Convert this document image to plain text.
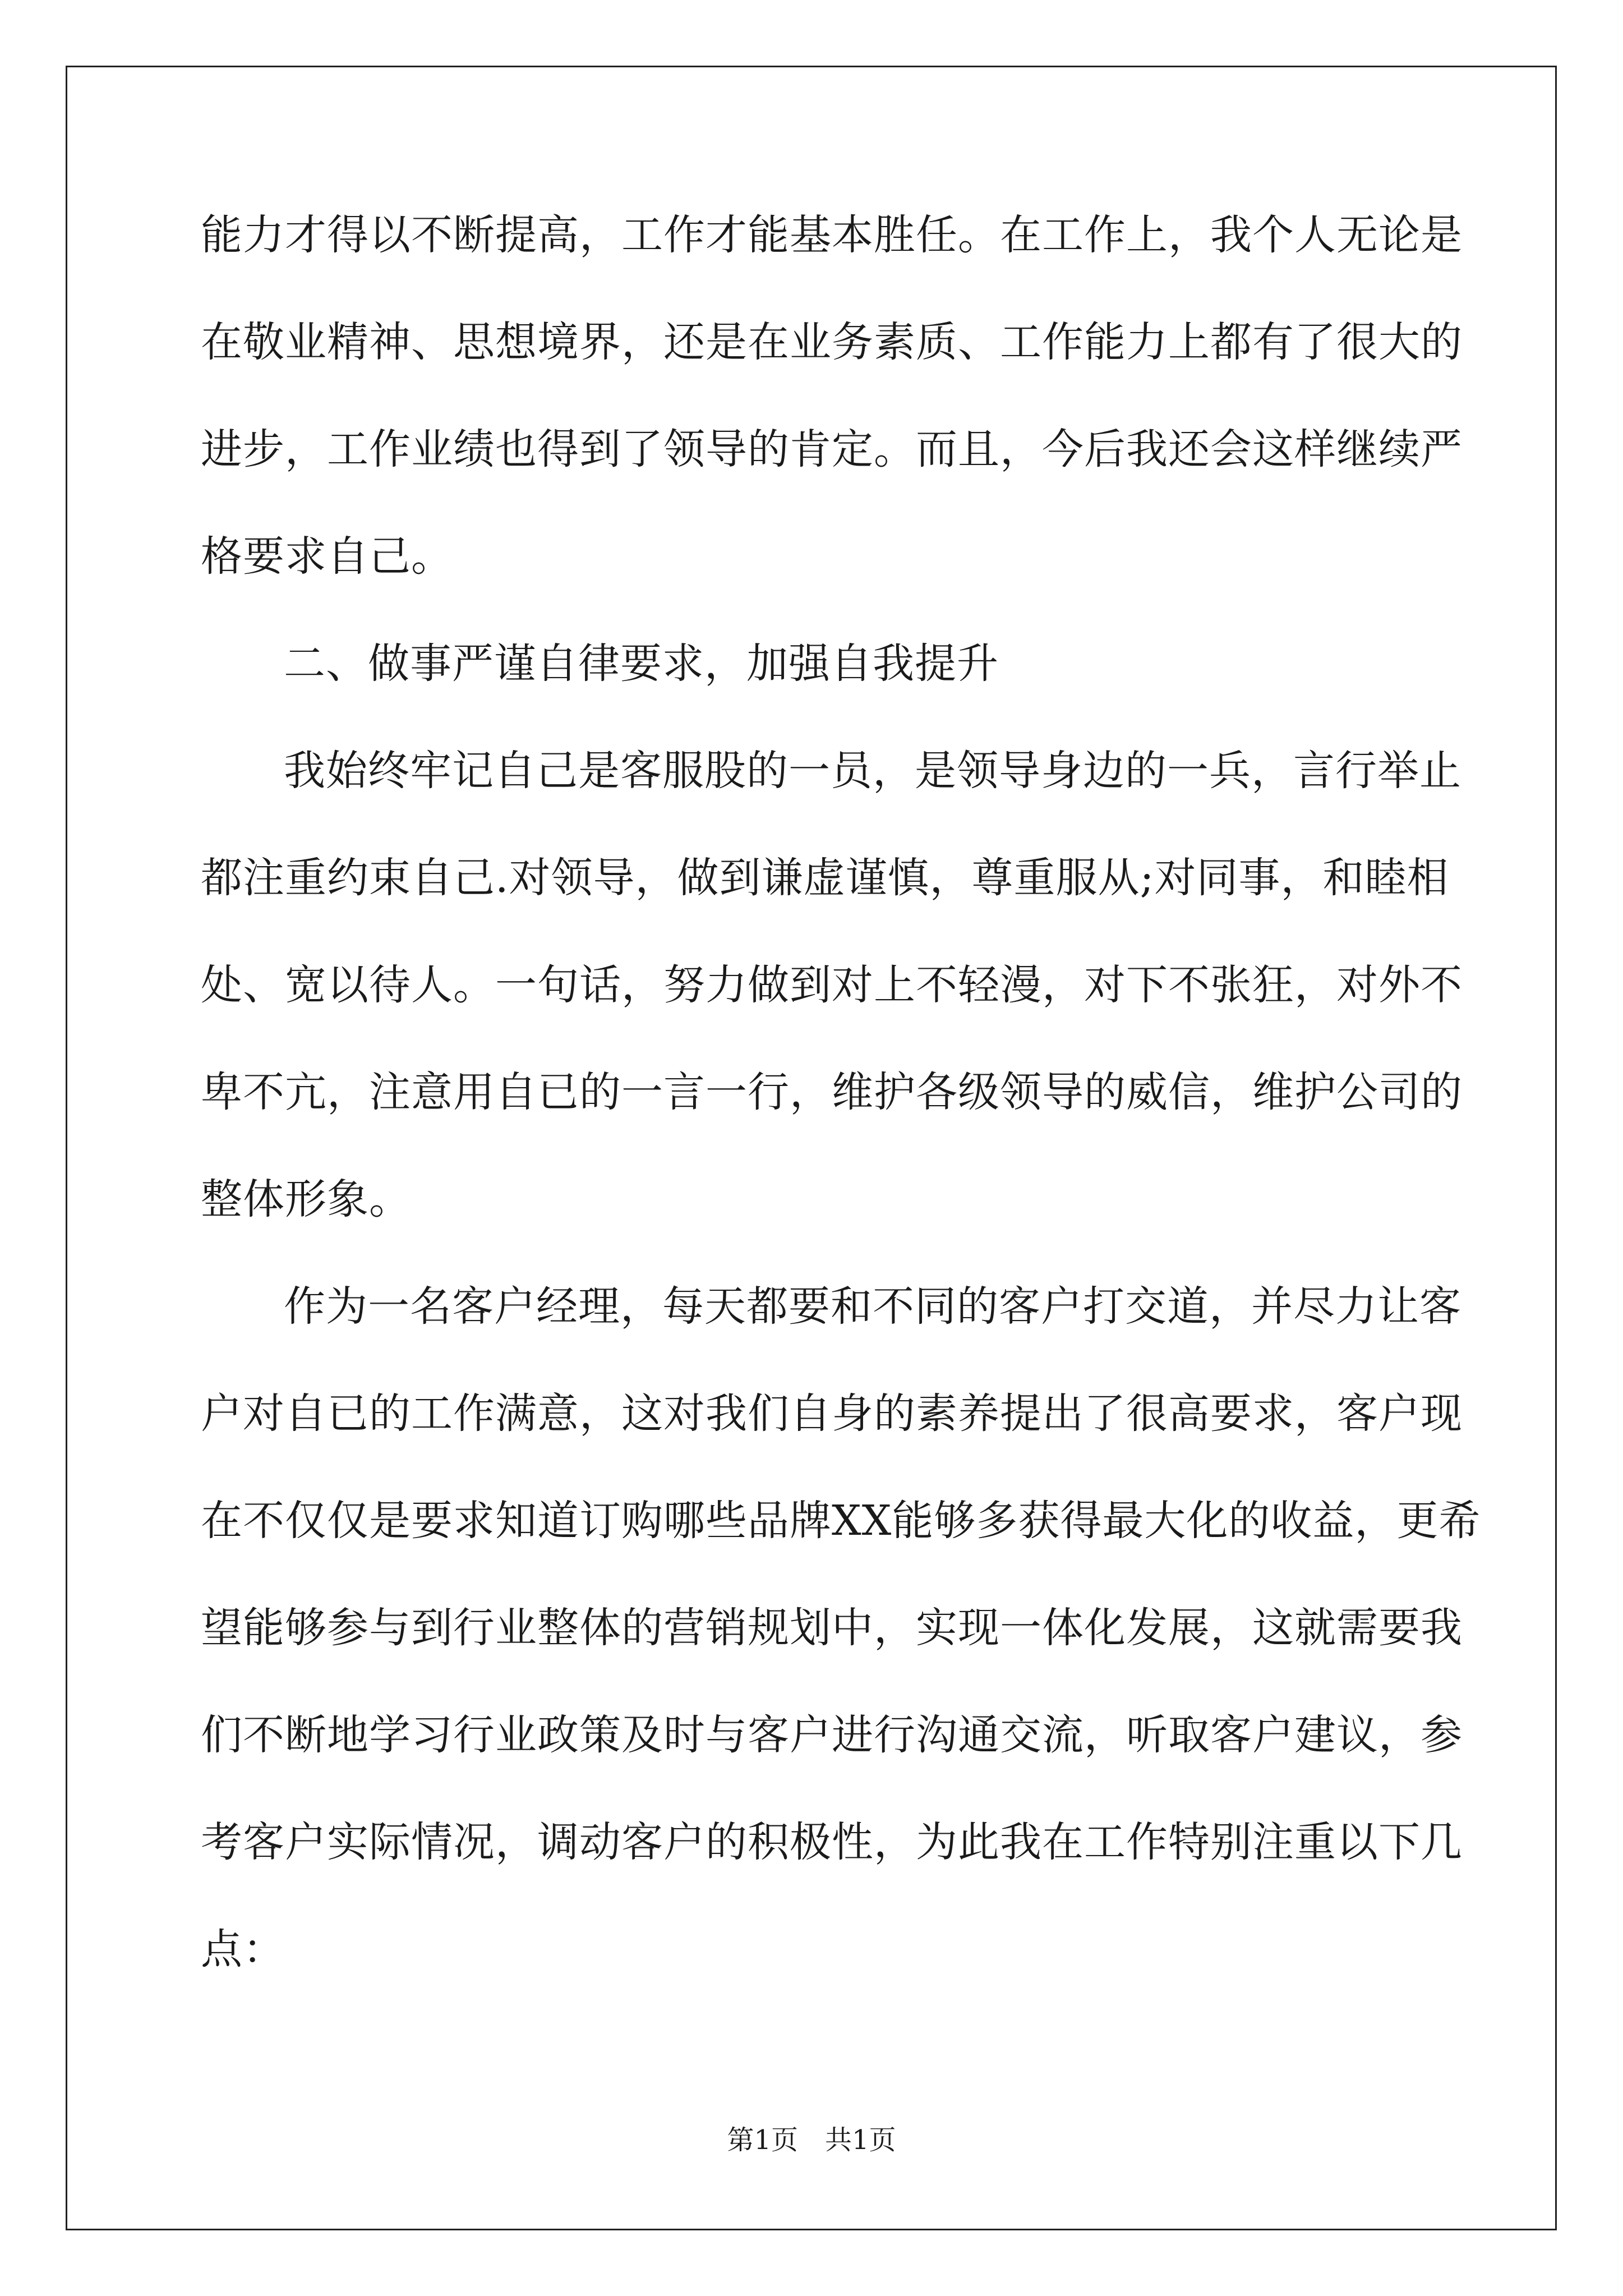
能力才得以不断提高，工作才能基本胜任。在工作上，我个人无论是
在敬业精神、思想境界，还是在业务素质、工作能力上都有了很大的
进步，工作业绩也得到了领导的肯定。而且，今后我还会这样继续严
格要求自己。
二、做事严谨自律要求，加强自我提升
我始终牢记自己是客服股的一员，是领导身边的一兵，言行举止
都注重约束自己.对领导，做到谦虚谨慎，尊重服从;对同事，和睦相
处、宽以待人。一句话，努力做到对上不轻漫，对下不张狂，对外不
卑不亢，注意用自已的一言一行，维护各级领导的威信，维护公司的
整体形象。
作为一名客户经理，每天都要和不同的客户打交道，并尽力让客
户对自已的工作满意，这对我们自身的素养提出了很高要求，客户现
在不仅仅是要求知道订购哪些品牌XX能够多获得最大化的收益，更希
望能够参与到行业整体的营销规划中，实现一体化发展，这就需要我
们不断地学习行业政策及时与客户进行沟通交流，听取客户建议，参
考客户实际情况，调动客户的积极性，为此我在工作特别注重以下几
点：
第1页　共1页
